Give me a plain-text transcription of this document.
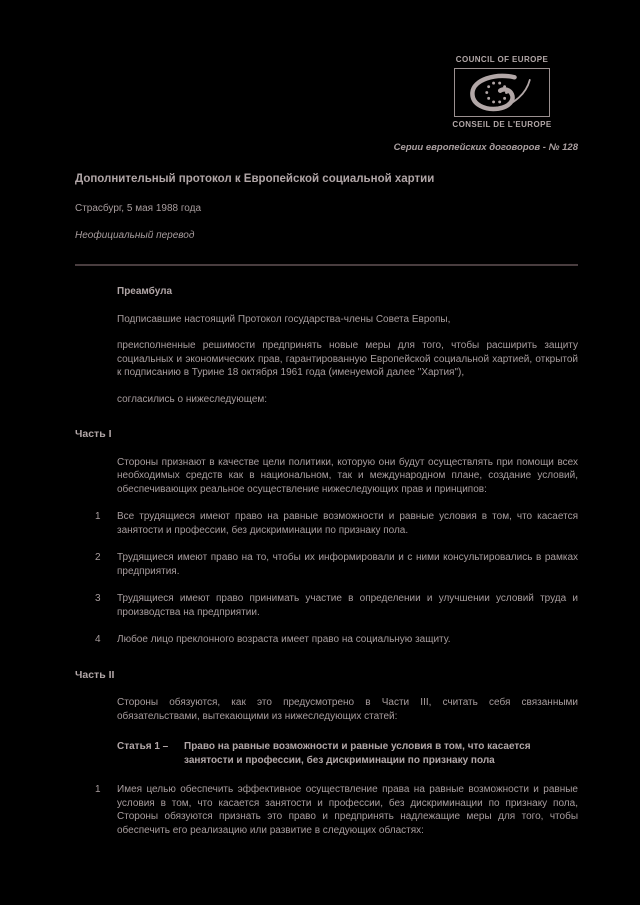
COUNCIL OF EUROPE
CONSEIL DE L'EUROPE
Серии европейских договоров - № 128
Дополнительный протокол к Европейской социальной хартии

Страсбург, 5 мая 1988 года

Неофициальный перевод

Преамбула

Подписавшие настоящий Протокол государства-члены Совета Европы,

преисполненные решимости предпринять новые меры для того, чтобы расширить защиту социальных и экономических прав, гарантированную Европейской социальной хартией, открытой к подписанию в Турине 18 октября 1961 года (именуемой далее "Хартия"),

согласились о нижеследующем:

Часть I

Стороны признают в качестве цели политики, которую они будут осуществлять при помощи всех необходимых средств как в национальном, так и международном плане, создание условий, обеспечивающих реальное осуществление нижеследующих прав и принципов:

1	Все трудящиеся имеют право на равные возможности и равные условия в том, что касается занятости и профессии, без дискриминации по признаку пола.

2	Трудящиеся имеют право на то, чтобы их информировали и с ними консультировались в рамках предприятия.

3	Трудящиеся имеют право принимать участие в определении и улучшении условий труда и производства на предприятии.

4	Любое лицо преклонного возраста имеет право на социальную защиту.

Часть II

Стороны обязуются, как это предусмотрено в Части III, считать себя связанными обязательствами, вытекающими из нижеследующих статей:

Статья 1 –	Право на равные возможности и равные условия в том, что касается занятости и профессии, без дискриминации по признаку пола
1	Имея целью обеспечить эффективное осуществление права на равные возможности и равные условия в том, что касается занятости и профессии, без дискриминации по признаку пола, Стороны обязуются признать это право и предпринять надлежащие меры для того, чтобы обеспечить его реализацию или развитие в следующих областях:
